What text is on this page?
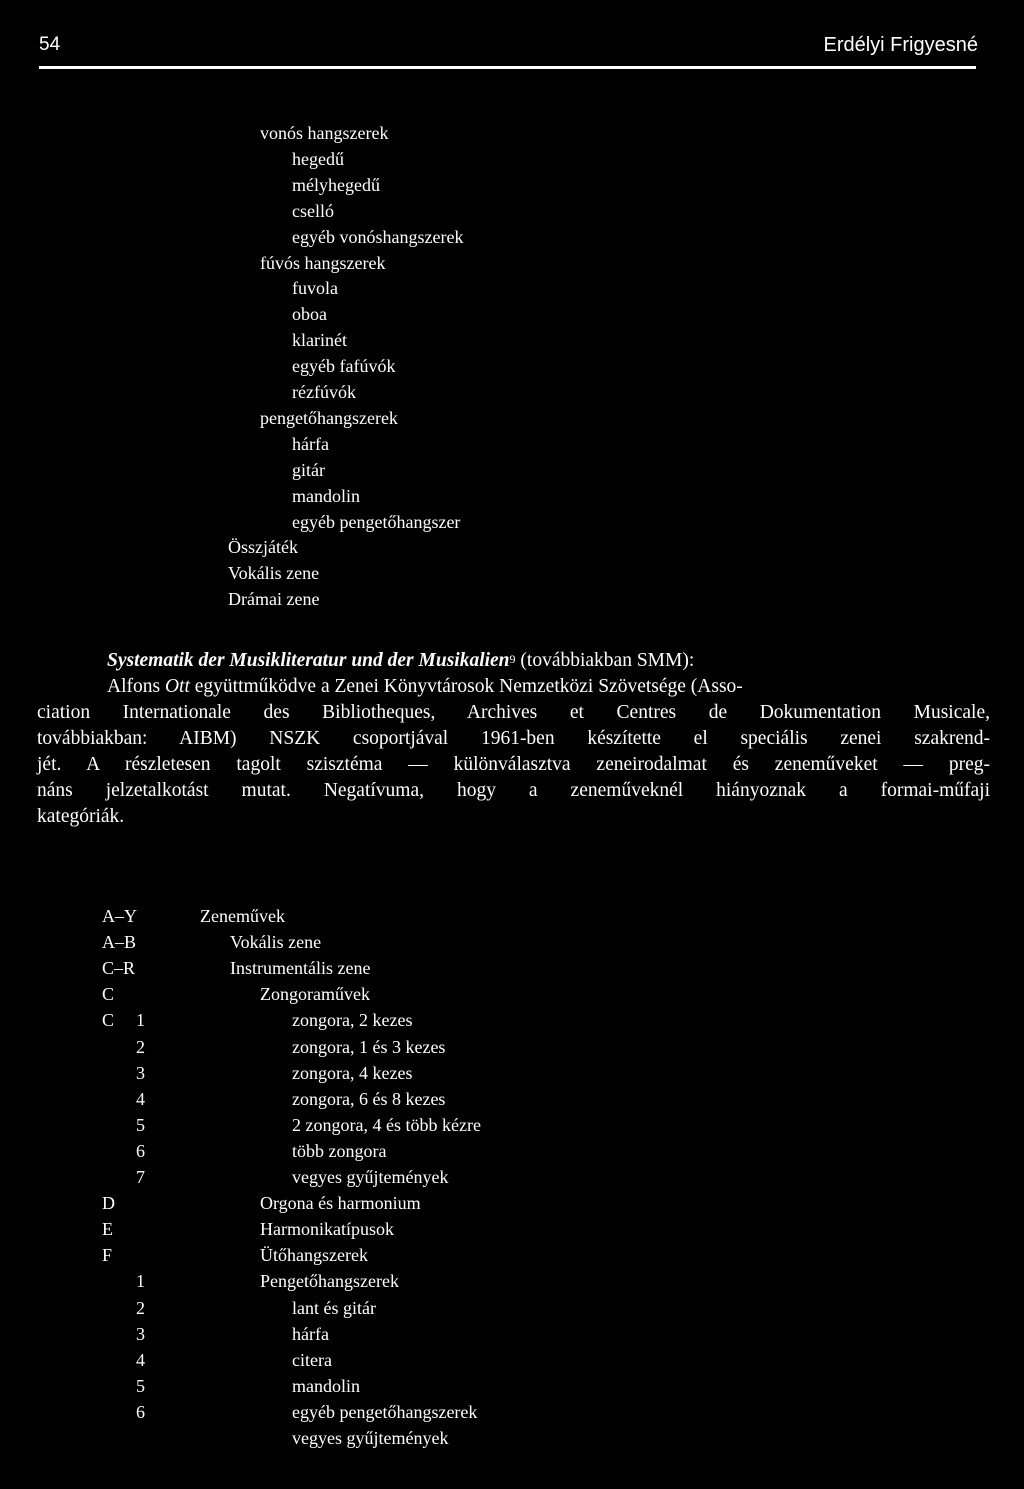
54	Erdélyi Frigyesné
vonós hangszerek
hegedű
mélyhegedű
cselló
egyéb vonóshangszerek
fúvós hangszerek
fuvola
oboa
klarinét
egyéb fafúvók
rézfúvók
pengetőhangszerek
hárfa
gitár
mandolin
egyéb pengetőhangszer
Összjáték
Vokális zene
Drámai zene
Systematik der Musikliteratur und der Musikalien$^9$ (továbbiakban SMM):
Alfons Ott együttműködve a Zenei Könyvtárosok Nemzetközi Szövetsége (Asso-
ciation Internationale des Bibliotheques, Archives et Centres de Dokumentation Musicale,
továbbiakban: AIBM) NSZK csoportjával 1961-ben készítette el speciális zenei szakrend-
jét. A részletesen tagolt szisztéma — különválasztva zeneirodalmat és zeneműveket — preg-
náns jelzetalkotást mutat. Negatívuma, hogy a zeneműveknél hiányoznak a formai-műfaji
kategóriák.
A–Y	Zeneművek
A–B	Vokális zene
C–R	Instrumentális zene
C	Zongoraművek
C 1	zongora, 2 kezes
2	zongora, 1 és 3 kezes
3	zongora, 4 kezes
4	zongora, 6 és 8 kezes
5	2 zongora, 4 és több kézre
6	több zongora
7	vegyes gyűjtemények
D	Orgona és harmonium
E	Harmonikatípusok
F	Ütőhangszerek
1	Pengetőhangszerek
2	lant és gitár
3	hárfa
4	citera
5	mandolin
6	egyéb pengetőhangszerek
vegyes gyűjtemények
